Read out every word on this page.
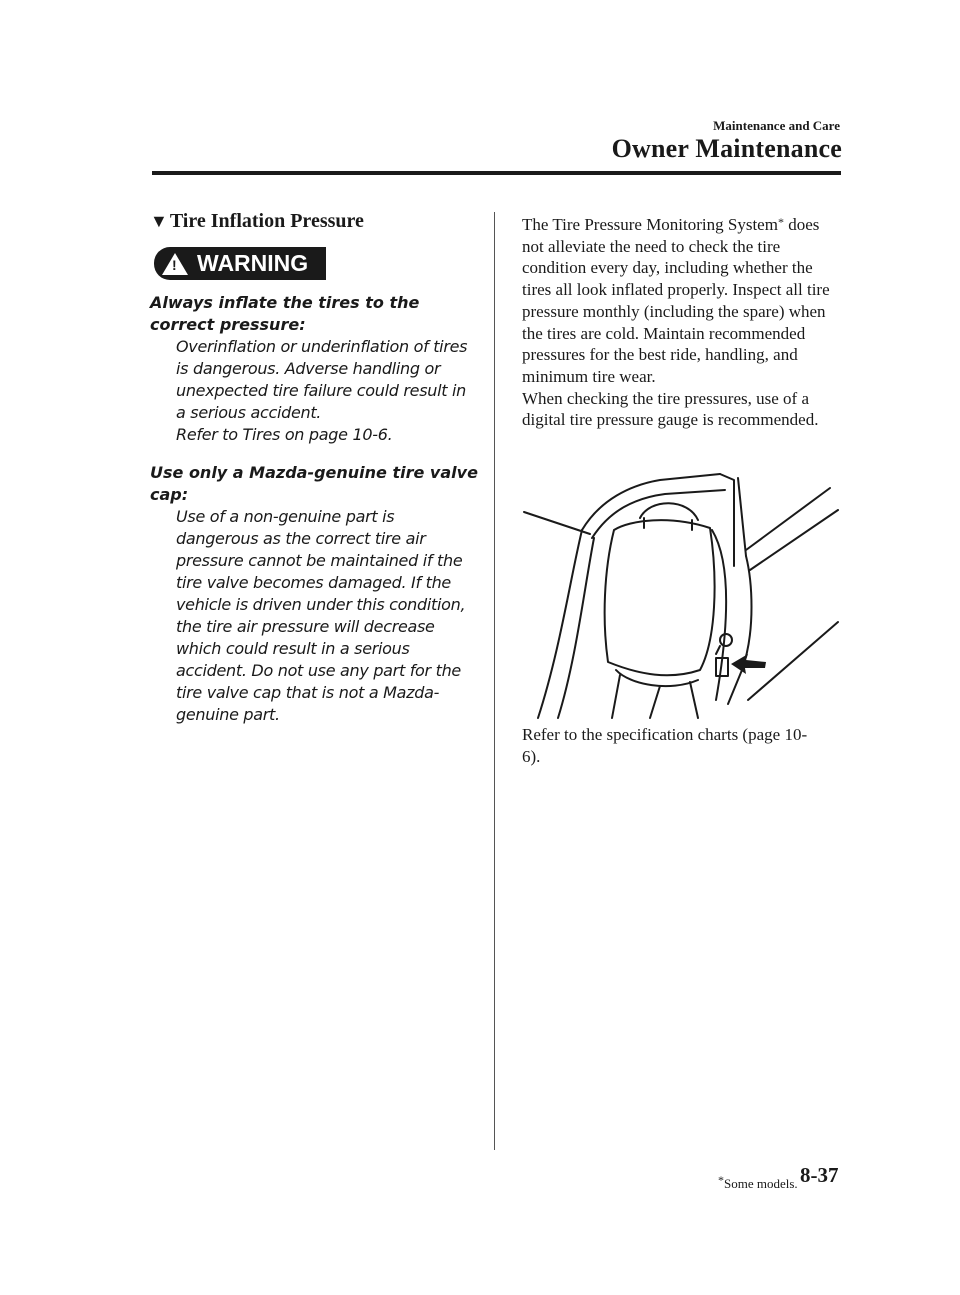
Maintenance and Care
Owner Maintenance
▼ Tire Inflation Pressure
! WARNING

Always inflate the tires to the correct pressure:

Overinflation or underinflation of tires is dangerous. Adverse handling or unexpected tire failure could result in a serious accident.

Refer to Tires on page 10-6.

Use only a Mazda-genuine tire valve cap:

Use of a non-genuine part is dangerous as the correct tire air pressure cannot be maintained if the tire valve becomes damaged. If the vehicle is driven under this condition, the tire air pressure will decrease which could result in a serious accident. Do not use any part for the tire valve cap that is not a Mazda-genuine part.

The Tire Pressure Monitoring System* does not alleviate the need to check the tire condition every day, including whether the tires all look inflated properly. Inspect all tire pressure monthly (including the spare) when the tires are cold. Maintain recommended pressures for the best ride, handling, and minimum tire wear.

When checking the tire pressures, use of a digital tire pressure gauge is recommended.

Refer to the specification charts (page 10-6).
*Some models. 8-37
